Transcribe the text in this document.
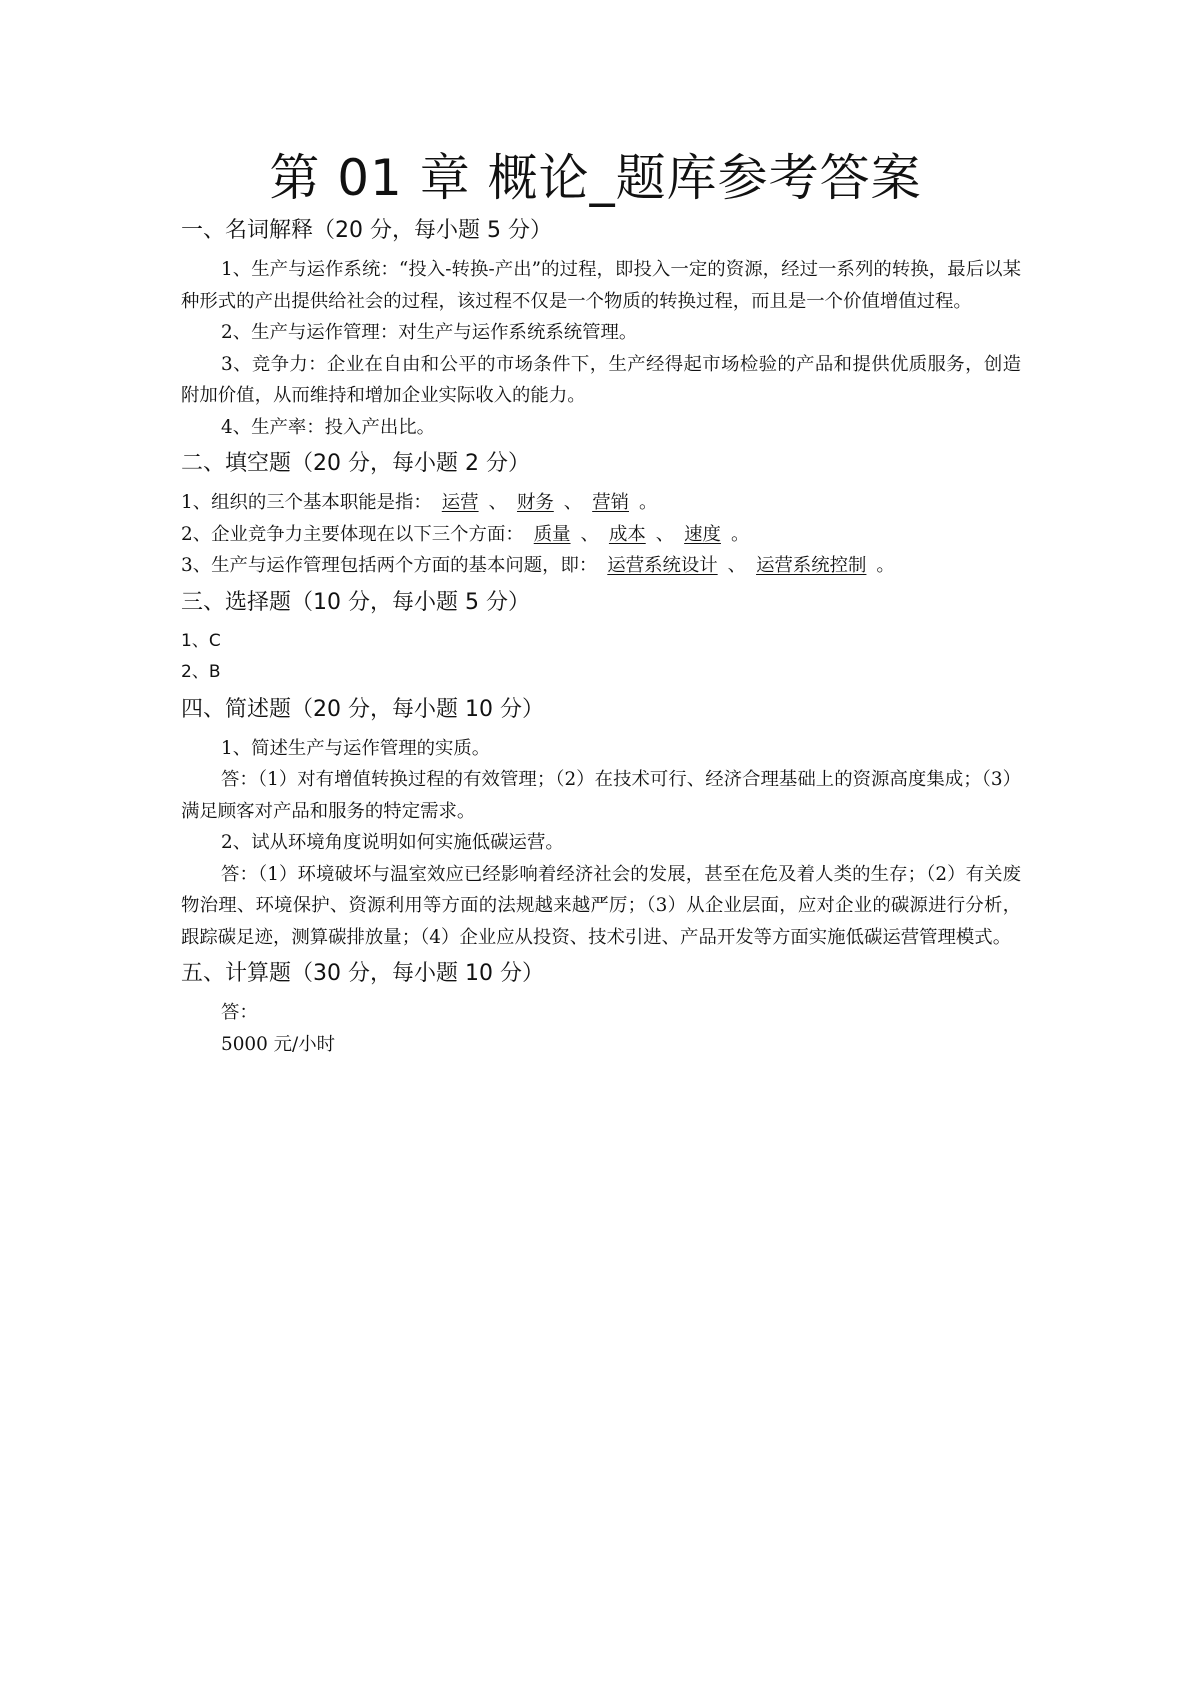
第 01 章 概论_题库参考答案
一、名词解释（20 分，每小题 5 分）

1、生产与运作系统：“投入-转换-产出”的过程，即投入一定的资源，经过一系列的转换，最后以某种形式的产出提供给社会的过程，该过程不仅是一个物质的转换过程，而且是一个价值增值过程。

2、生产与运作管理：对生产与运作系统系统管理。

3、竞争力：企业在自由和公平的市场条件下，生产经得起市场检验的产品和提供优质服务，创造附加价值，从而维持和增加企业实际收入的能力。

4、生产率：投入产出比。

二、填空题（20 分，每小题 2 分）

1、组织的三个基本职能是指： 运营 、 财务 、 营销 。

2、企业竞争力主要体现在以下三个方面： 质量 、 成本 、 速度 。

3、生产与运作管理包括两个方面的基本问题，即： 运营系统设计 、 运营系统控制 。

三、选择题（10 分，每小题 5 分）

1、C

2、B

四、简述题（20 分，每小题 10 分）

1、简述生产与运作管理的实质。

答：（1）对有增值转换过程的有效管理；（2）在技术可行、经济合理基础上的资源高度集成；（3）满足顾客对产品和服务的特定需求。

2、试从环境角度说明如何实施低碳运营。

答：（1）环境破坏与温室效应已经影响着经济社会的发展，甚至在危及着人类的生存；（2）有关废物治理、环境保护、资源利用等方面的法规越来越严厉；（3）从企业层面，应对企业的碳源进行分析，跟踪碳足迹，测算碳排放量；（4）企业应从投资、技术引进、产品开发等方面实施低碳运营管理模式。

五、计算题（30 分，每小题 10 分）

答：

5000 元/小时
